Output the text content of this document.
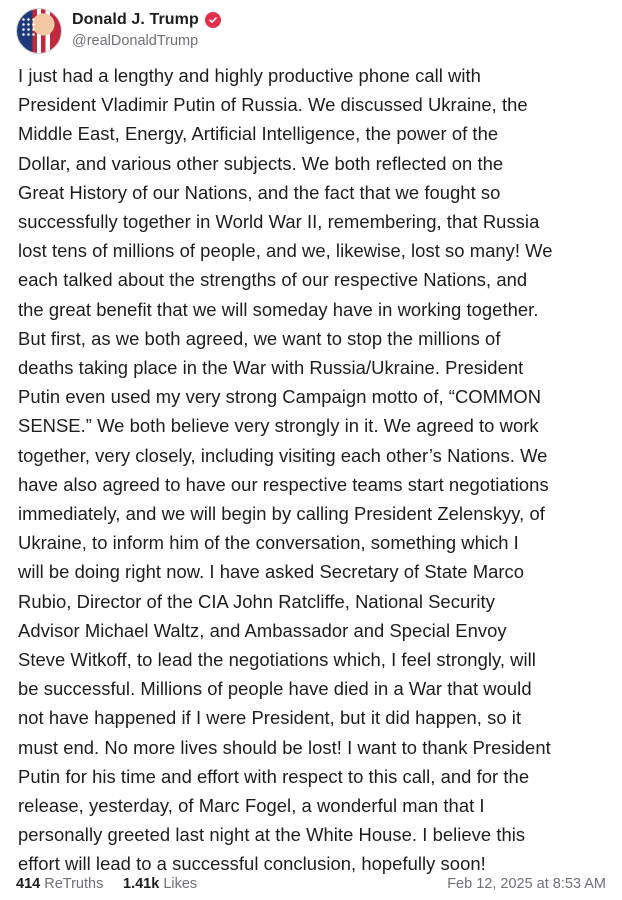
Donald J. Trump
@realDonaldTrump
I just had a lengthy and highly productive phone call with
President Vladimir Putin of Russia. We discussed Ukraine, the
Middle East, Energy, Artificial Intelligence, the power of the
Dollar, and various other subjects. We both reflected on the
Great History of our Nations, and the fact that we fought so
successfully together in World War II, remembering, that Russia
lost tens of millions of people, and we, likewise, lost so many! We
each talked about the strengths of our respective Nations, and
the great benefit that we will someday have in working together.
But first, as we both agreed, we want to stop the millions of
deaths taking place in the War with Russia/Ukraine. President
Putin even used my very strong Campaign motto of, “COMMON
SENSE.” We both believe very strongly in it. We agreed to work
together, very closely, including visiting each other’s Nations. We
have also agreed to have our respective teams start negotiations
immediately, and we will begin by calling President Zelenskyy, of
Ukraine, to inform him of the conversation, something which I
will be doing right now. I have asked Secretary of State Marco
Rubio, Director of the CIA John Ratcliffe, National Security
Advisor Michael Waltz, and Ambassador and Special Envoy
Steve Witkoff, to lead the negotiations which, I feel strongly, will
be successful. Millions of people have died in a War that would
not have happened if I were President, but it did happen, so it
must end. No more lives should be lost! I want to thank President
Putin for his time and effort with respect to this call, and for the
release, yesterday, of Marc Fogel, a wonderful man that I
personally greeted last night at the White House. I believe this
effort will lead to a successful conclusion, hopefully soon!
414 ReTruths 1.41k Likes	Feb 12, 2025 at 8:53 AM
